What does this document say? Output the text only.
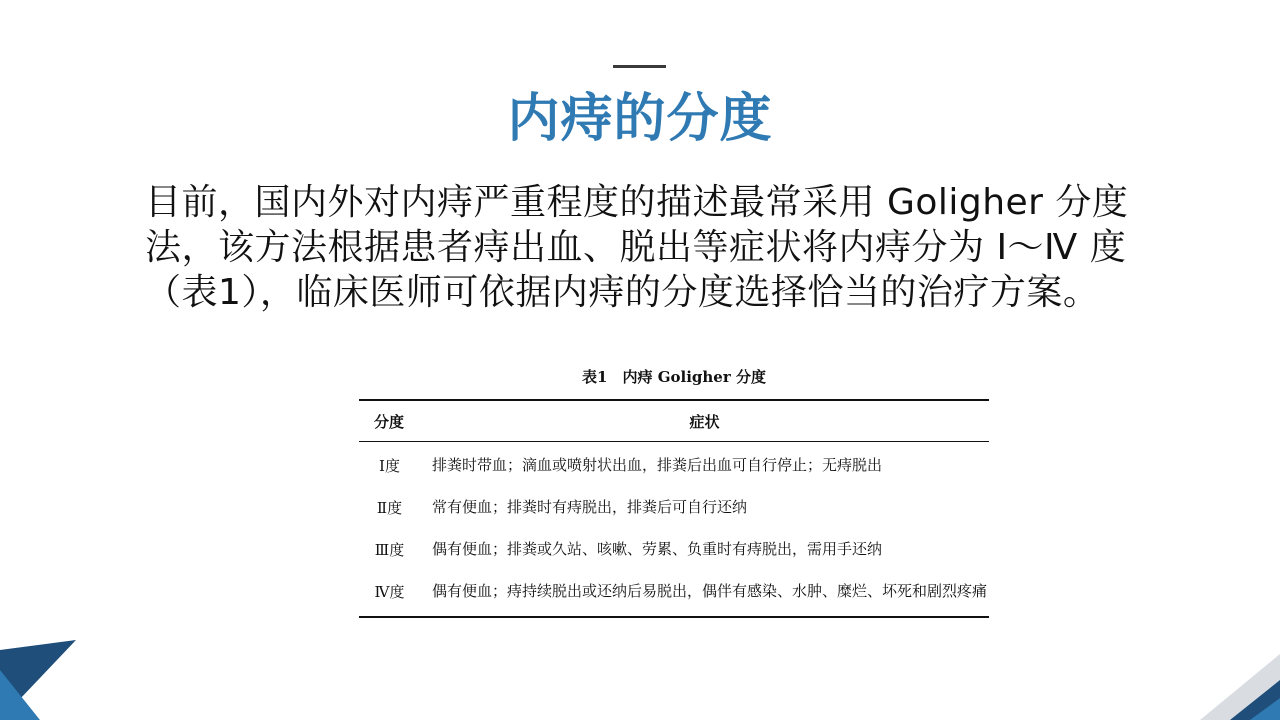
内痔的分度

目前，国内外对内痔严重程度的描述最常采用 Goligher 分度法，该方法根据患者痔出血、脱出等症状将内痔分为 Ⅰ～Ⅳ 度（表1），临床医师可依据内痔的分度选择恰当的治疗方案。

表1　内痔 Goligher 分度
分度	症状
Ⅰ度	排粪时带血；滴血或喷射状出血，排粪后出血可自行停止；无痔脱出
Ⅱ度	常有便血；排粪时有痔脱出，排粪后可自行还纳
Ⅲ度	偶有便血；排粪或久站、咳嗽、劳累、负重时有痔脱出，需用手还纳
Ⅳ度	偶有便血；痔持续脱出或还纳后易脱出，偶伴有感染、水肿、糜烂、坏死和剧烈疼痛
